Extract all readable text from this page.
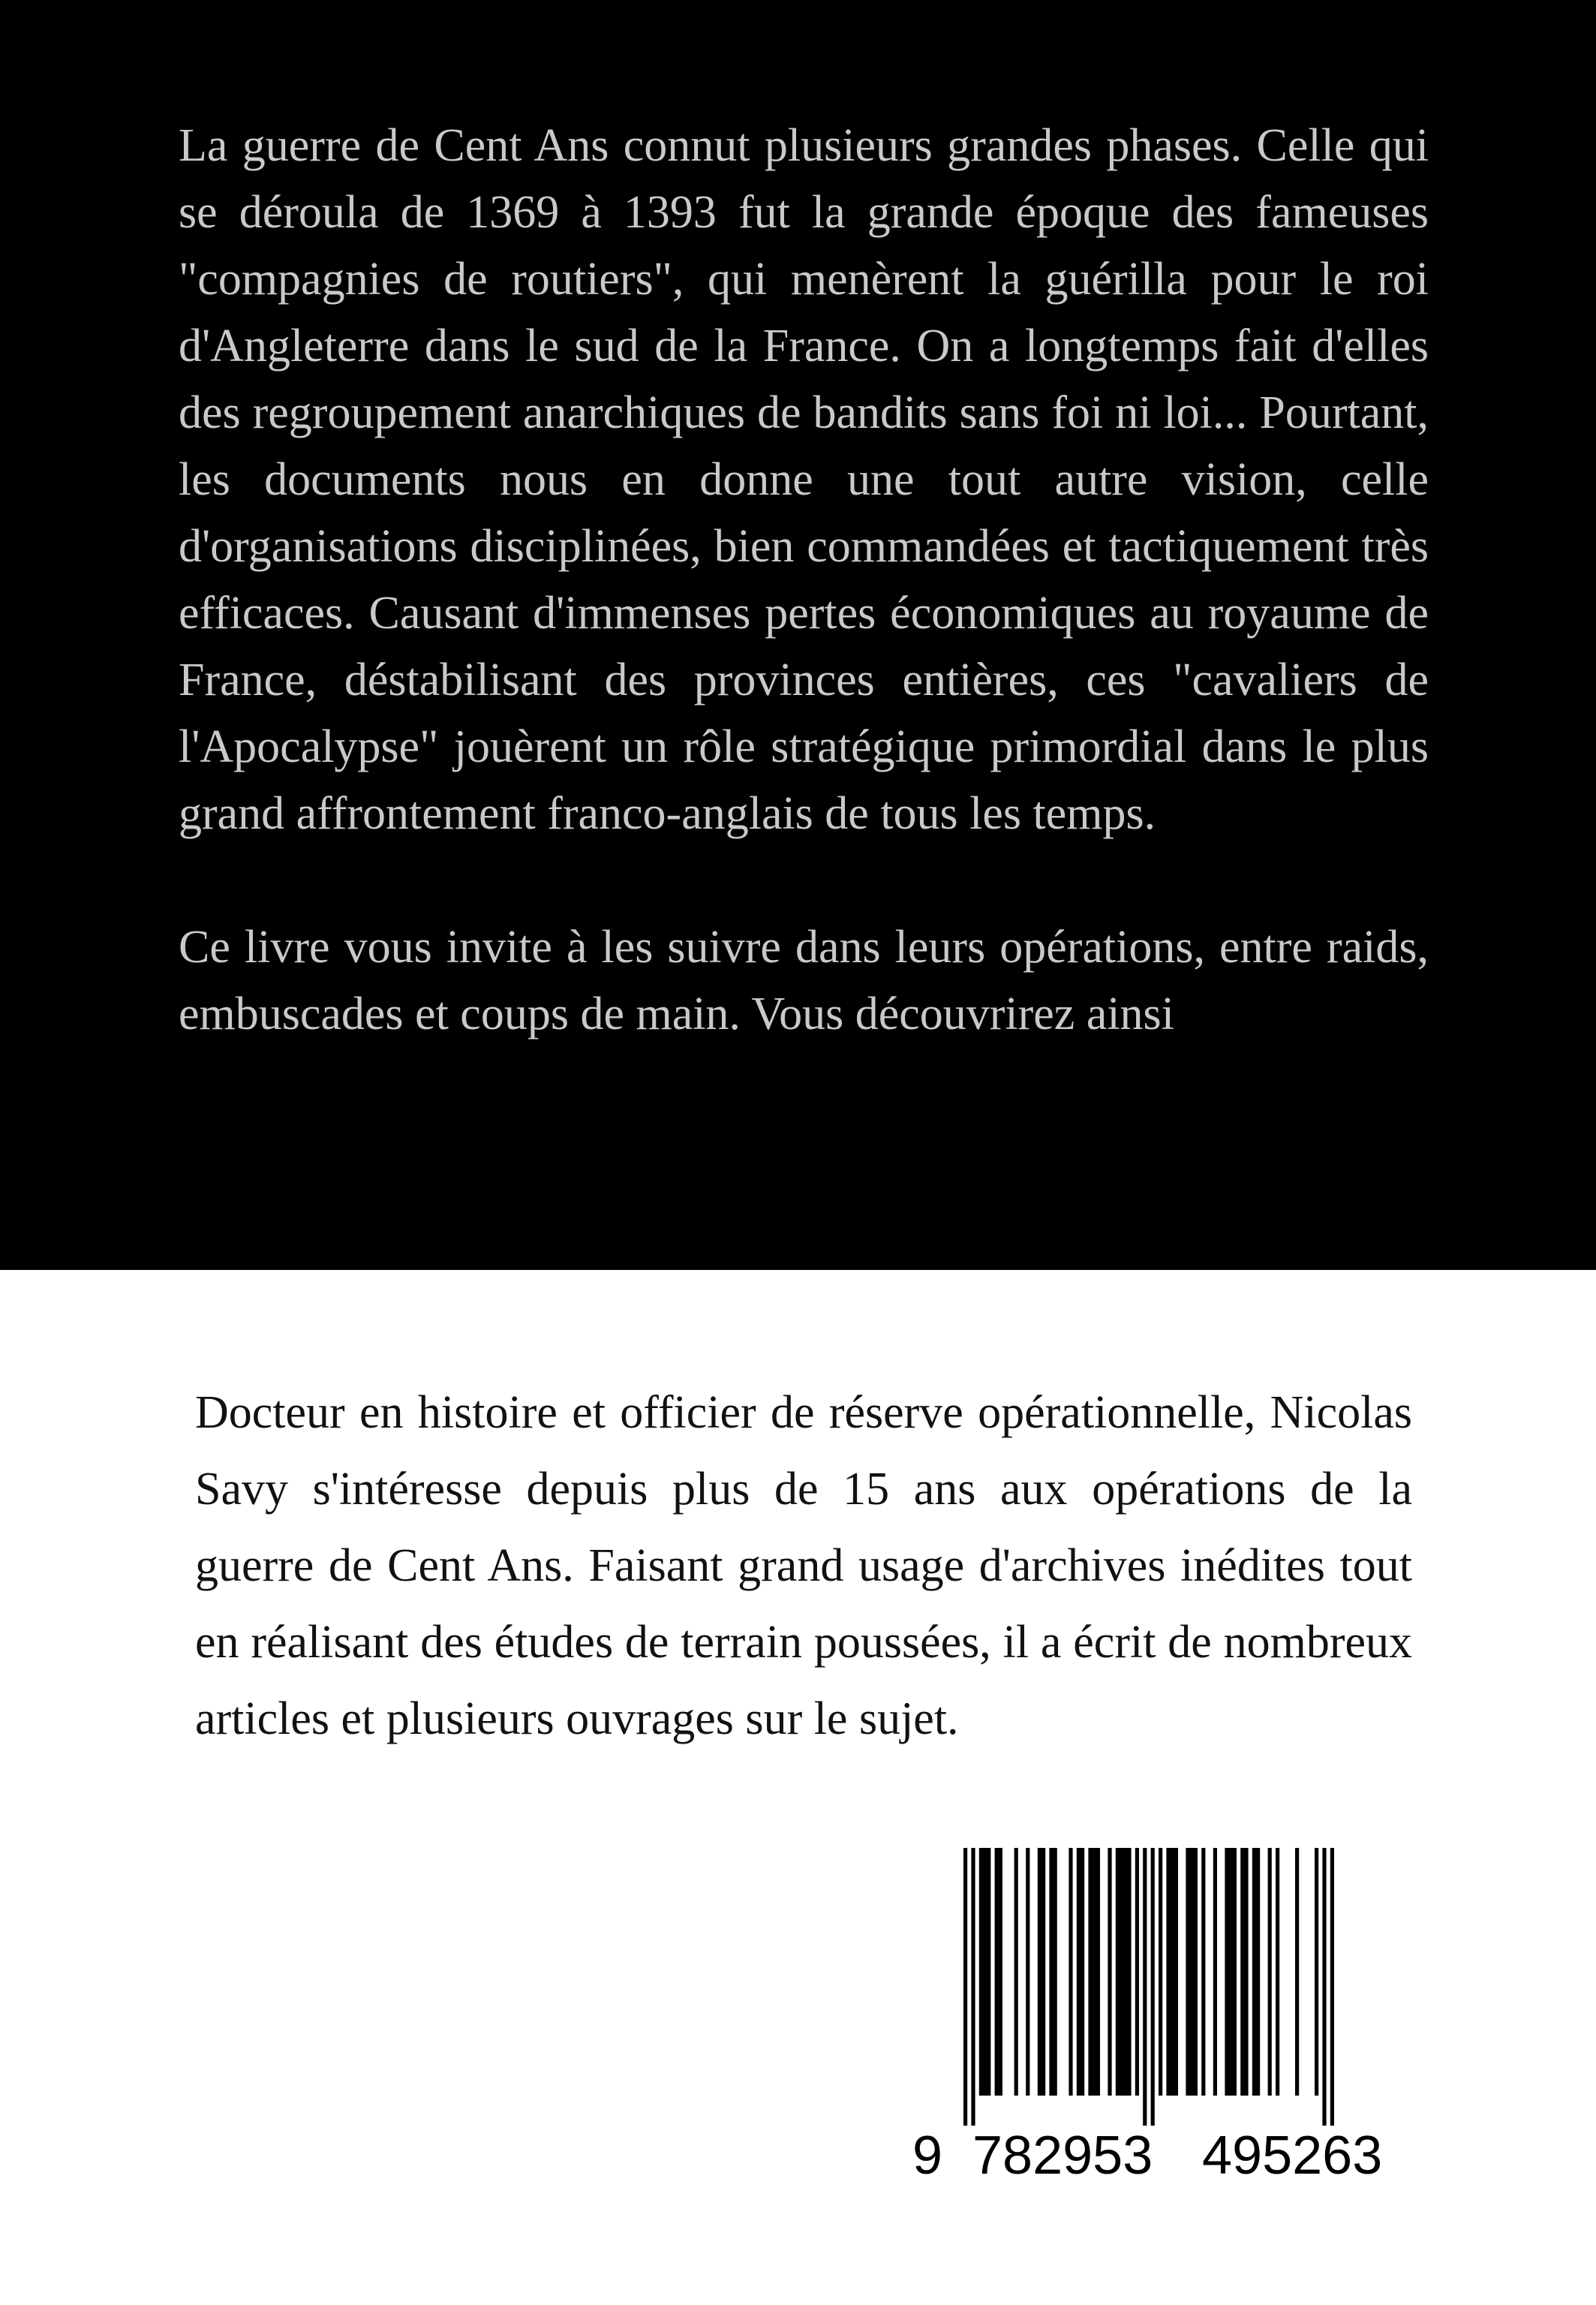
La guerre de Cent Ans connut plusieurs grandes phases. Celle qui se déroula de 1369 à 1393 fut la grande époque des fameuses "compagnies de routiers", qui menèrent la guérilla pour le roi d'Angleterre dans le sud de la France. On a longtemps fait d'elles des regroupement anarchiques de bandits sans foi ni loi... Pourtant, les documents nous en donne une tout autre vision, celle d'organisations disciplinées, bien commandées et tactiquement très efficaces. Causant d'immenses pertes économiques au royaume de France, déstabilisant des provinces entières, ces "cavaliers de l'Apocalypse" jouèrent un rôle stratégique primordial dans le plus grand affrontement franco-anglais de tous les temps.

Ce livre vous invite à les suivre dans leurs opérations, entre raids, embuscades et coups de main. Vous découvrirez ainsi

Docteur en histoire et officier de réserve opérationnelle, Nicolas Savy s'intéresse depuis plus de 15 ans aux opérations de la guerre de Cent Ans. Faisant grand usage d'archives inédites tout en réalisant des études de terrain poussées, il a écrit de nombreux articles et plusieurs ouvrages sur le sujet.

9 782953 495263
